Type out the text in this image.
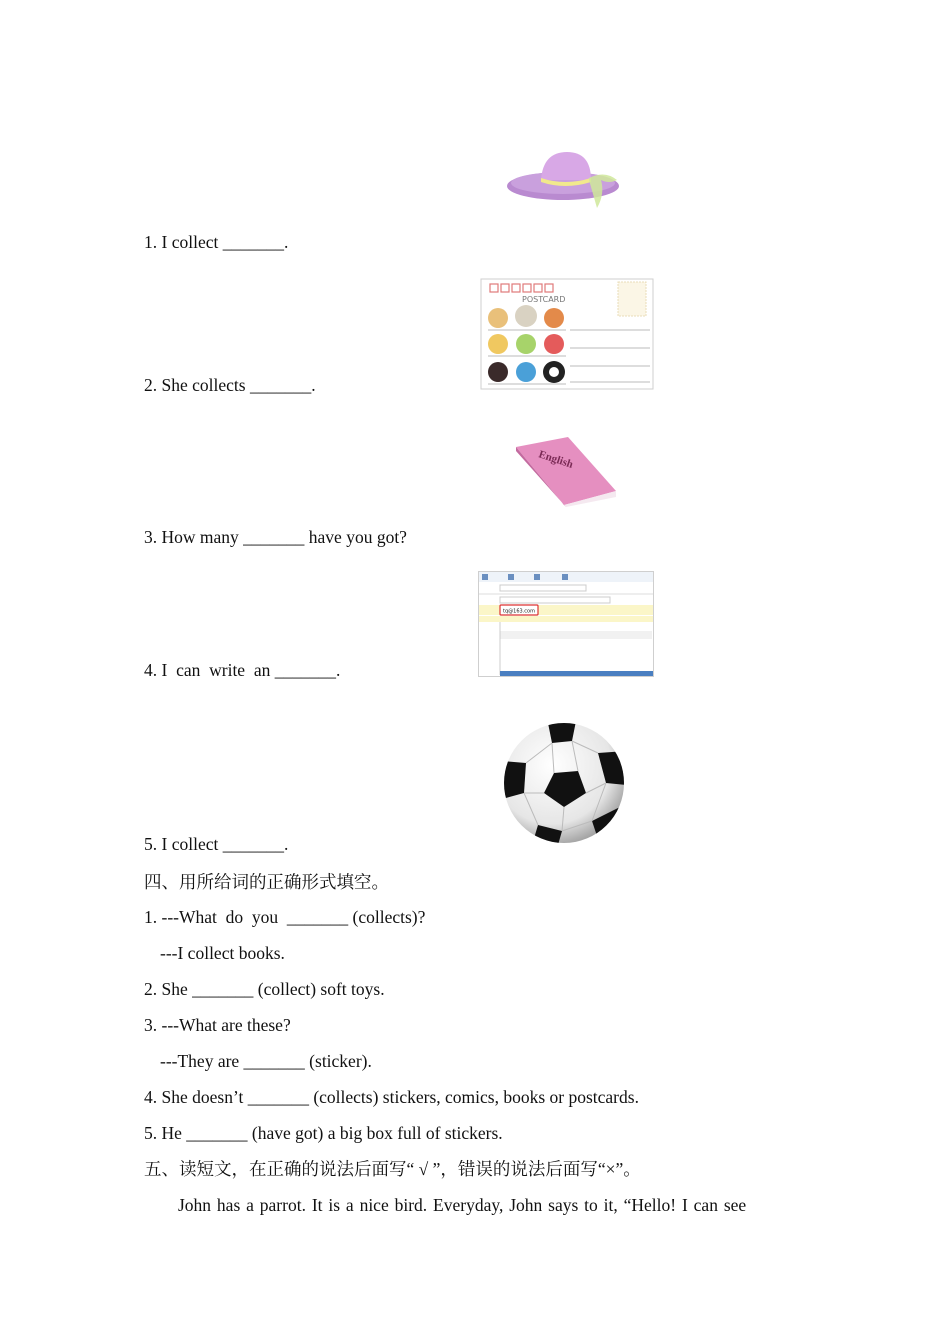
1. I collect _______.
2. She collects _______.
3. How many _______ have you got?
4. I  can  write  an _______.
5. I collect _______.
POSTCARD
English
tq@163.com
四、用所给词的正确形式填空。
1. ---What  do  you  _______ (collects)?
---I collect books.
2. She _______ (collect) soft toys.
3. ---What are these?
---They are _______ (sticker).
4. She doesn’t _______ (collects) stickers, comics, books or postcards.
5. He _______ (have got) a big box full of stickers.
五、读短文，在正确的说法后面写“ √ ”，错误的说法后面写“×”。
John has a parrot. It is a nice bird. Everyday, John says to it, “Hello! I can see
